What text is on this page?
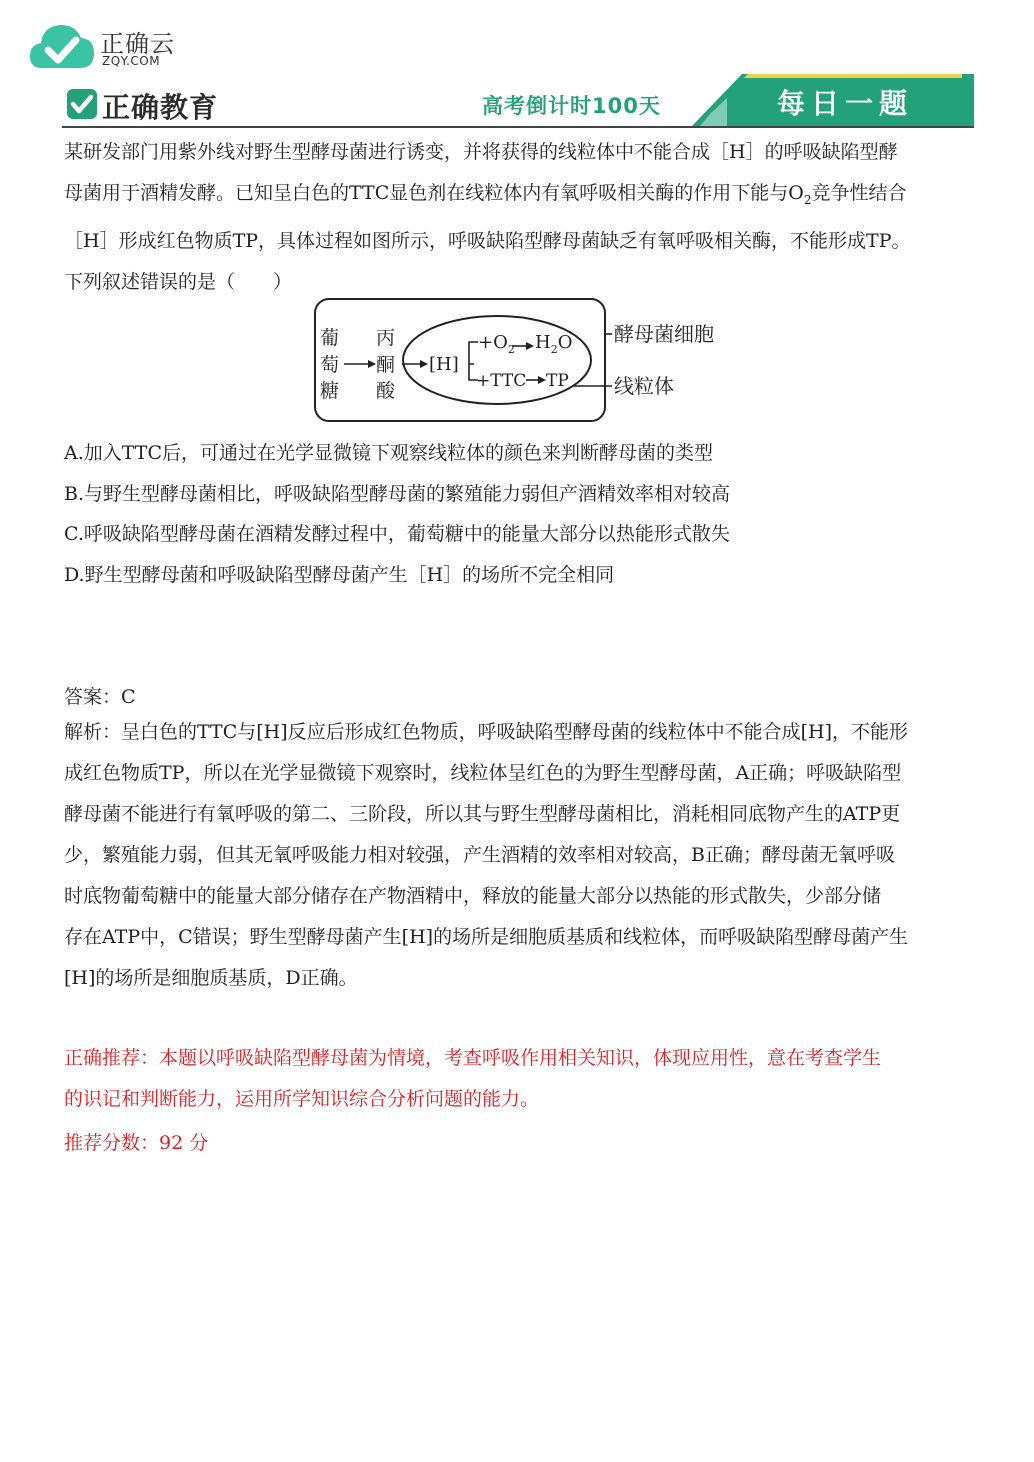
正确云
ZQY.COM
正确教育	高考倒计时100天	每日一题

某研发部门用紫外线对野生型酵母菌进行诱变，并将获得的线粒体中不能合成［H］的呼吸缺陷型酵

母菌用于酒精发酵。已知呈白色的TTC显色剂在线粒体内有氧呼吸相关酶的作用下能与$O_2$竞争性结合

［H］形成红色物质TP，具体过程如图所示，呼吸缺陷型酵母菌缺乏有氧呼吸相关酶，不能形成TP。

下列叙述错误的是（　　）

葡
萄
糖
丙
酮
酸
[H]
$+O_2$ $H_2O$
+TTC TP
酵母菌细胞
线粒体
A.加入TTC后，可通过在光学显微镜下观察线粒体的颜色来判断酵母菌的类型
B.与野生型酵母菌相比，呼吸缺陷型酵母菌的繁殖能力弱但产酒精效率相对较高
C.呼吸缺陷型酵母菌在酒精发酵过程中，葡萄糖中的能量大部分以热能形式散失
D.野生型酵母菌和呼吸缺陷型酵母菌产生［H］的场所不完全相同
答案：C

解析：呈白色的TTC与[H]反应后形成红色物质，呼吸缺陷型酵母菌的线粒体中不能合成[H]，不能形

成红色物质TP，所以在光学显微镜下观察时，线粒体呈红色的为野生型酵母菌，A正确；呼吸缺陷型

酵母菌不能进行有氧呼吸的第二、三阶段，所以其与野生型酵母菌相比，消耗相同底物产生的ATP更

少，繁殖能力弱，但其无氧呼吸能力相对较强，产生酒精的效率相对较高，B正确；酵母菌无氧呼吸

时底物葡萄糖中的能量大部分储存在产物酒精中，释放的能量大部分以热能的形式散失，少部分储

存在ATP中，C错误；野生型酵母菌产生[H]的场所是细胞质基质和线粒体，而呼吸缺陷型酵母菌产生

[H]的场所是细胞质基质，D正确。

正确推荐：本题以呼吸缺陷型酵母菌为情境，考查呼吸作用相关知识，体现应用性，意在考查学生

的识记和判断能力，运用所学知识综合分析问题的能力。

推荐分数：92 分
